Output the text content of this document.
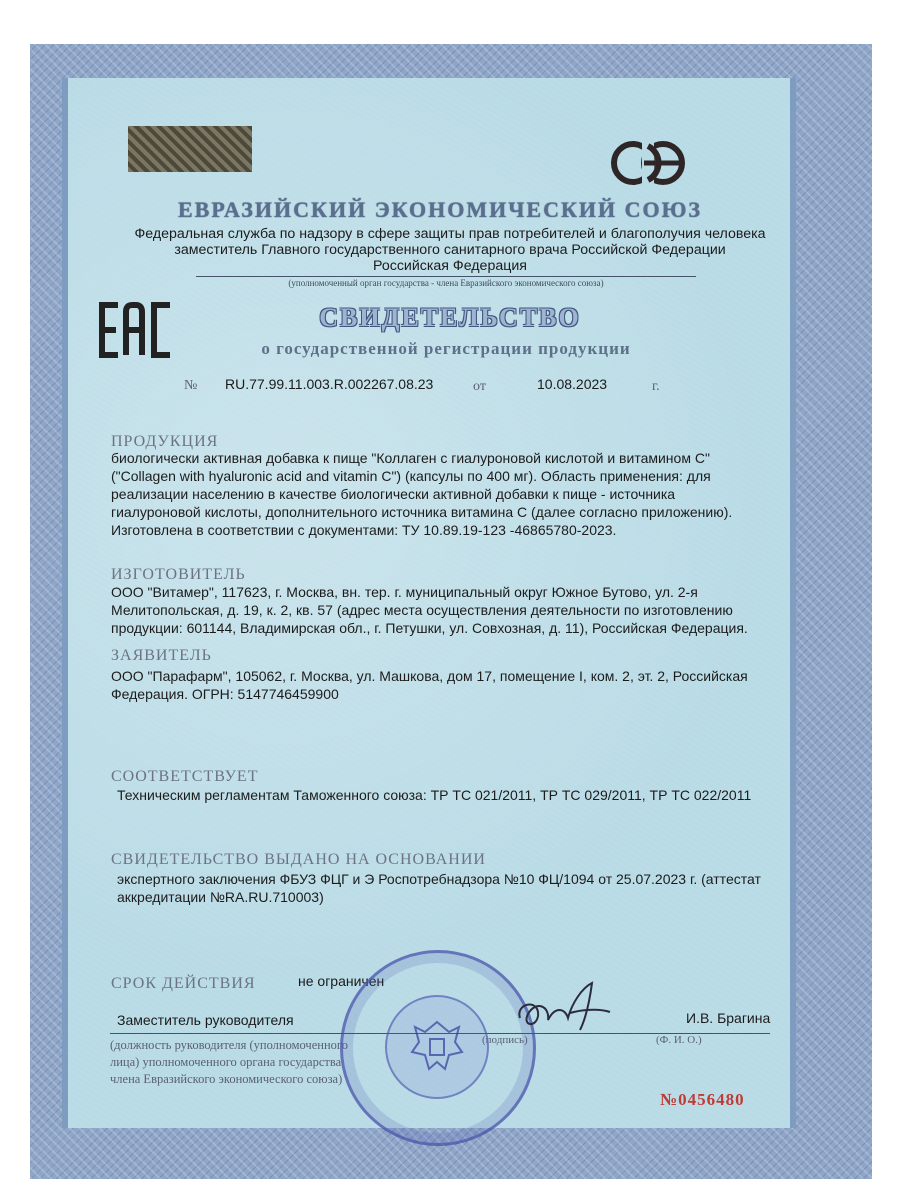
ЕВРАЗИЙСКИЙ ЭКОНОМИЧЕСКИЙ СОЮЗ
Федеральная служба по надзору в сфере защиты прав потребителей и благополучия человека
заместитель Главного государственного санитарного врача Российской Федерации
Российская Федерация
(уполномоченный орган государства - члена Евразийского экономического союза)
СВИДЕТЕЛЬСТВО
о государственной регистрации продукции
№ RU.77.99.11.003.R.002267.08.23	от	10.08.2023	г.
ПРОДУКЦИЯ
биологически активная добавка к пище "Коллаген с гиалуроновой кислотой и витамином С"
("Collagen with hyaluronic acid and vitamin C") (капсулы по 400 мг). Область применения: для
реализации населению в качестве биологически активной добавки к пище - источника
гиалуроновой кислоты, дополнительного источника витамина С (далее согласно приложению).
Изготовлена в соответствии с документами: ТУ 10.89.19-123 -46865780-2023.
ИЗГОТОВИТЕЛЬ
ООО "Витамер", 117623, г. Москва, вн. тер. г. муниципальный округ Южное Бутово, ул. 2-я
Мелитопольская, д. 19, к. 2, кв. 57 (адрес места осуществления деятельности по изготовлению
продукции: 601144, Владимирская обл., г. Петушки, ул. Совхозная, д. 11), Российская Федерация.
ЗАЯВИТЕЛЬ
ООО "Парафарм", 105062, г. Москва, ул. Машкова, дом 17, помещение I, ком. 2, эт. 2, Российская
Федерация. ОГРН: 5147746459900
СООТВЕТСТВУЕТ
Техническим регламентам Таможенного союза: ТР ТС 021/2011, ТР ТС 029/2011, ТР ТС 022/2011
СВИДЕТЕЛЬСТВО ВЫДАНО НА ОСНОВАНИИ
экспертного заключения ФБУЗ ФЦГ и Э Роспотребнадзора №10 ФЦ/1094 от 25.07.2023 г. (аттестат
аккредитации №RA.RU.710003)
СРОК ДЕЙСТВИЯ	не ограничен
Заместитель руководителя	И.В. Брагина
(должность руководителя (уполномоченного
лица) уполномоченного органа государства
члена Евразийского экономического союза)
(подпись)	(Ф. И. О.)
№0456480
